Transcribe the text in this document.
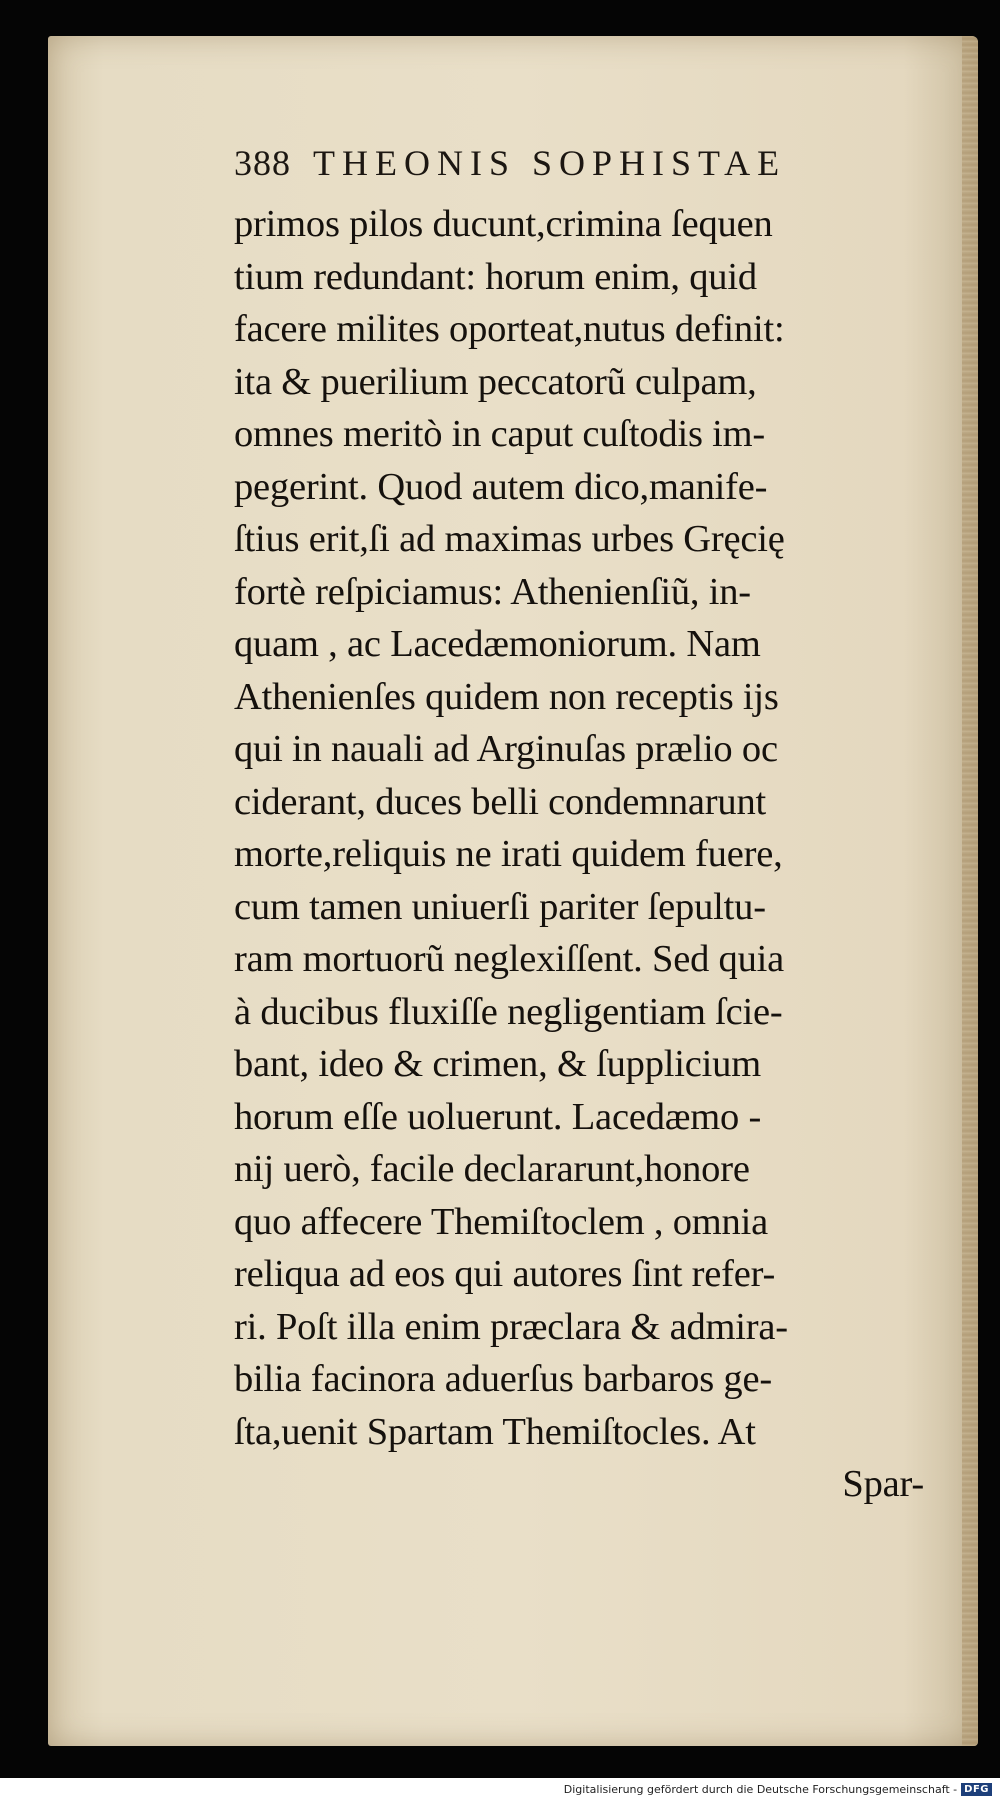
388 THEONIS SOPHISTAE
primos pilos ducunt,crimina ſequen
tium redundant: horum enim, quid
facere milites oporteat,nutus definit:
ita & puerilium peccatorũ culpam,
omnes meritò in caput cuſtodis im-
pegerint. Quod autem dico,manife-
ſtius erit,ſi ad maximas urbes Gręcię
fortè reſpiciamus: Athenienſiũ, in-
quam , ac Lacedæmoniorum. Nam
Athenienſes quidem non receptis ijs
qui in nauali ad Arginuſas prælio oc
ciderant, duces belli condemnarunt
morte,reliquis ne irati quidem fuere,
cum tamen uniuerſi pariter ſepultu-
ram mortuorũ neglexiſſent. Sed quia
à ducibus fluxiſſe negligentiam ſcie-
bant, ideo & crimen, & ſupplicium
horum eſſe uoluerunt. Lacedæmo -
nij uerò, facile declararunt,honore
quo affecere Themiſtoclem , omnia
reliqua ad eos qui autores ſint refer-
ri. Poſt illa enim præclara & admira-
bilia facinora aduerſus barbaros ge-
ſta,uenit Spartam Themiſtocles. At
Spar-
Digitalisierung gefördert durch die Deutsche Forschungsgemeinschaft - DFG
